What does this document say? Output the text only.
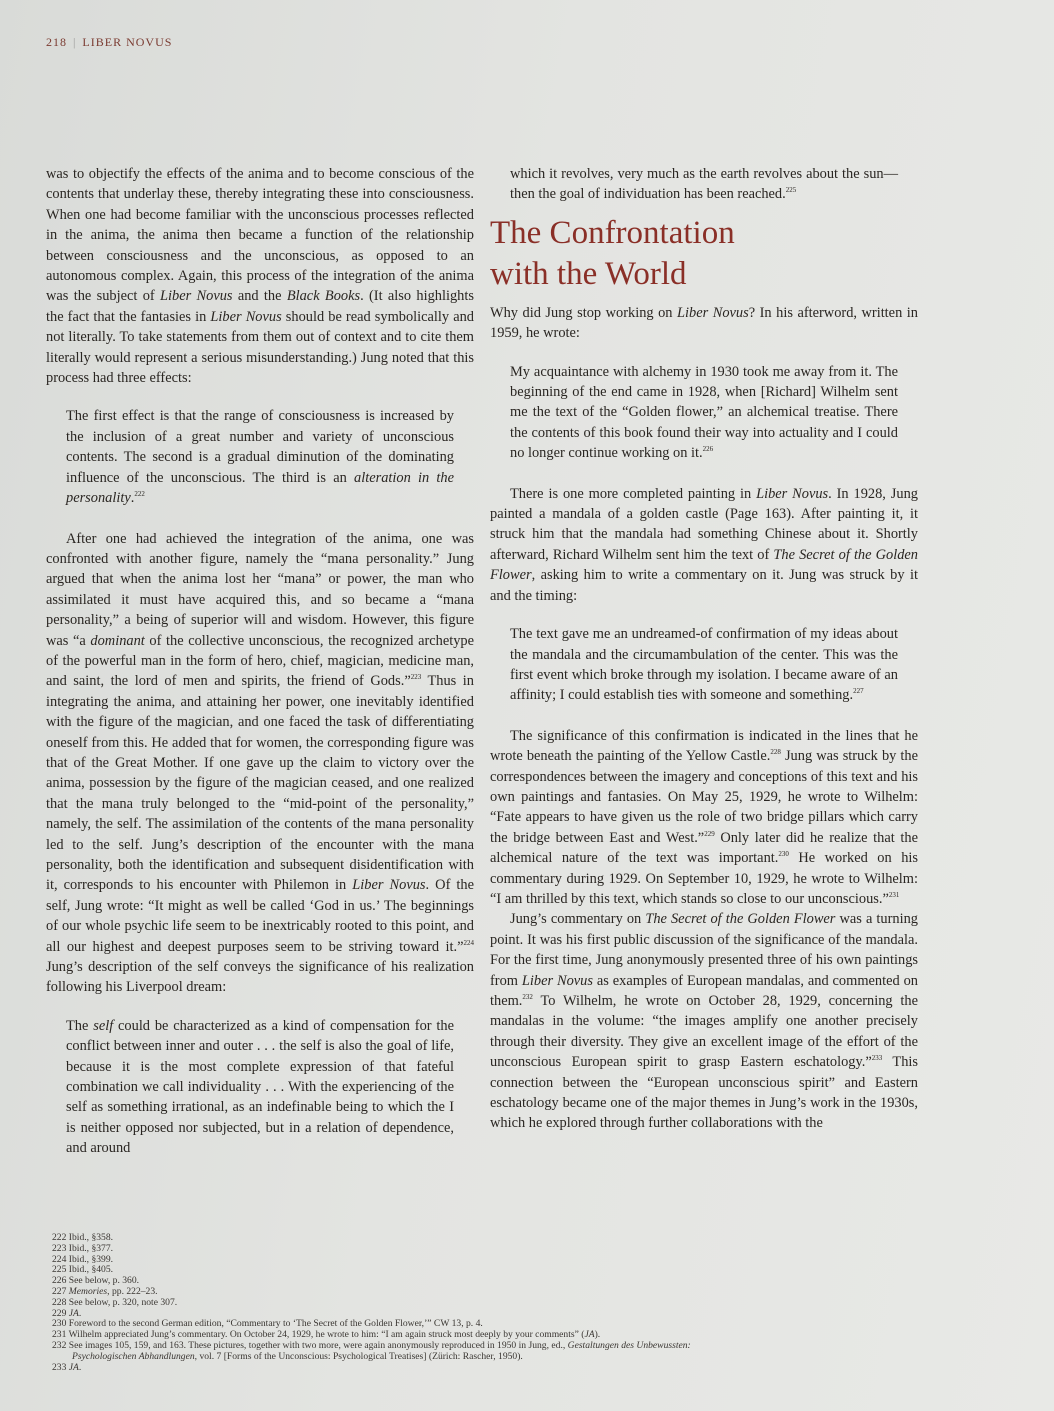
218 | LIBER NOVUS

was to objectify the effects of the anima and to become conscious of the contents that underlay these, thereby integrating these into consciousness. When one had become familiar with the unconscious processes reflected in the anima, the anima then became a function of the relationship between consciousness and the unconscious, as opposed to an autonomous complex. Again, this process of the integration of the anima was the subject of Liber Novus and the Black Books. (It also highlights the fact that the fantasies in Liber Novus should be read symbolically and not literally. To take statements from them out of context and to cite them literally would represent a serious misunderstanding.) Jung noted that this process had three effects:

The first effect is that the range of consciousness is increased by the inclusion of a great number and variety of unconscious contents. The second is a gradual diminution of the dominating influence of the unconscious. The third is an alteration in the personality.$^{222}$

After one had achieved the integration of the anima, one was confronted with another figure, namely the “mana personality.” Jung argued that when the anima lost her “mana” or power, the man who assimilated it must have acquired this, and so became a “mana personality,” a being of superior will and wisdom. However, this figure was “a dominant of the collective unconscious, the recognized archetype of the powerful man in the form of hero, chief, magician, medicine man, and saint, the lord of men and spirits, the friend of Gods.”$^{223}$ Thus in integrating the anima, and attaining her power, one inevitably identified with the figure of the magician, and one faced the task of differentiating oneself from this. He added that for women, the corresponding figure was that of the Great Mother. If one gave up the claim to victory over the anima, possession by the figure of the magician ceased, and one realized that the mana truly belonged to the “mid-point of the personality,” namely, the self. The assimilation of the contents of the mana personality led to the self. Jung’s description of the encounter with the mana personality, both the identification and subsequent disidentification with it, corresponds to his encounter with Philemon in Liber Novus. Of the self, Jung wrote: “It might as well be called ‘God in us.’ The beginnings of our whole psychic life seem to be inextricably rooted to this point, and all our highest and deepest purposes seem to be striving toward it.”$^{224}$ Jung’s description of the self conveys the significance of his realization following his Liverpool dream:

The self could be characterized as a kind of compensation for the conflict between inner and outer . . . the self is also the goal of life, because it is the most complete expression of that fateful combination we call individuality . . . With the experiencing of the self as something irrational, as an indefinable being to which the I is neither opposed nor subjected, but in a relation of dependence, and around

which it revolves, very much as the earth revolves about the sun—then the goal of individuation has been reached.$^{225}$

The Confrontation
with the World

Why did Jung stop working on Liber Novus? In his afterword, written in 1959, he wrote:

My acquaintance with alchemy in 1930 took me away from it. The beginning of the end came in 1928, when [Richard] Wilhelm sent me the text of the “Golden flower,” an alchemical treatise. There the contents of this book found their way into actuality and I could no longer continue working on it.$^{226}$

There is one more completed painting in Liber Novus. In 1928, Jung painted a mandala of a golden castle (Page 163). After painting it, it struck him that the mandala had something Chinese about it. Shortly afterward, Richard Wilhelm sent him the text of The Secret of the Golden Flower, asking him to write a commentary on it. Jung was struck by it and the timing:

The text gave me an undreamed-of confirmation of my ideas about the mandala and the circumambulation of the center. This was the first event which broke through my isolation. I became aware of an affinity; I could establish ties with someone and something.$^{227}$

The significance of this confirmation is indicated in the lines that he wrote beneath the painting of the Yellow Castle.$^{228}$ Jung was struck by the correspondences between the imagery and conceptions of this text and his own paintings and fantasies. On May 25, 1929, he wrote to Wilhelm: “Fate appears to have given us the role of two bridge pillars which carry the bridge between East and West.”$^{229}$ Only later did he realize that the alchemical nature of the text was important.$^{230}$ He worked on his commentary during 1929. On September 10, 1929, he wrote to Wilhelm: “I am thrilled by this text, which stands so close to our unconscious.”$^{231}$

Jung’s commentary on The Secret of the Golden Flower was a turning point. It was his first public discussion of the significance of the mandala. For the first time, Jung anonymously presented three of his own paintings from Liber Novus as examples of European mandalas, and commented on them.$^{232}$ To Wilhelm, he wrote on October 28, 1929, concerning the mandalas in the volume: “the images amplify one another precisely through their diversity. They give an excellent image of the effort of the unconscious European spirit to grasp Eastern eschatology.”$^{233}$ This connection between the “European unconscious spirit” and Eastern eschatology became one of the major themes in Jung’s work in the 1930s, which he explored through further collaborations with the

222 Ibid., §358.
223 Ibid., §377.
224 Ibid., §399.
225 Ibid., §405.
226 See below, p. 360.
227 Memories, pp. 222–23.
228 See below, p. 320, note 307.
229 JA.
230 Foreword to the second German edition, “Commentary to ‘The Secret of the Golden Flower,’” CW 13, p. 4.
231 Wilhelm appreciated Jung’s commentary. On October 24, 1929, he wrote to him: “I am again struck most deeply by your comments” (JA).
232 See images 105, 159, and 163. These pictures, together with two more, were again anonymously reproduced in 1950 in Jung, ed., Gestaltungen des Unbewussten:
Psychologischen Abhandlungen, vol. 7 [Forms of the Unconscious: Psychological Treatises] (Zürich: Rascher, 1950).
233 JA.
